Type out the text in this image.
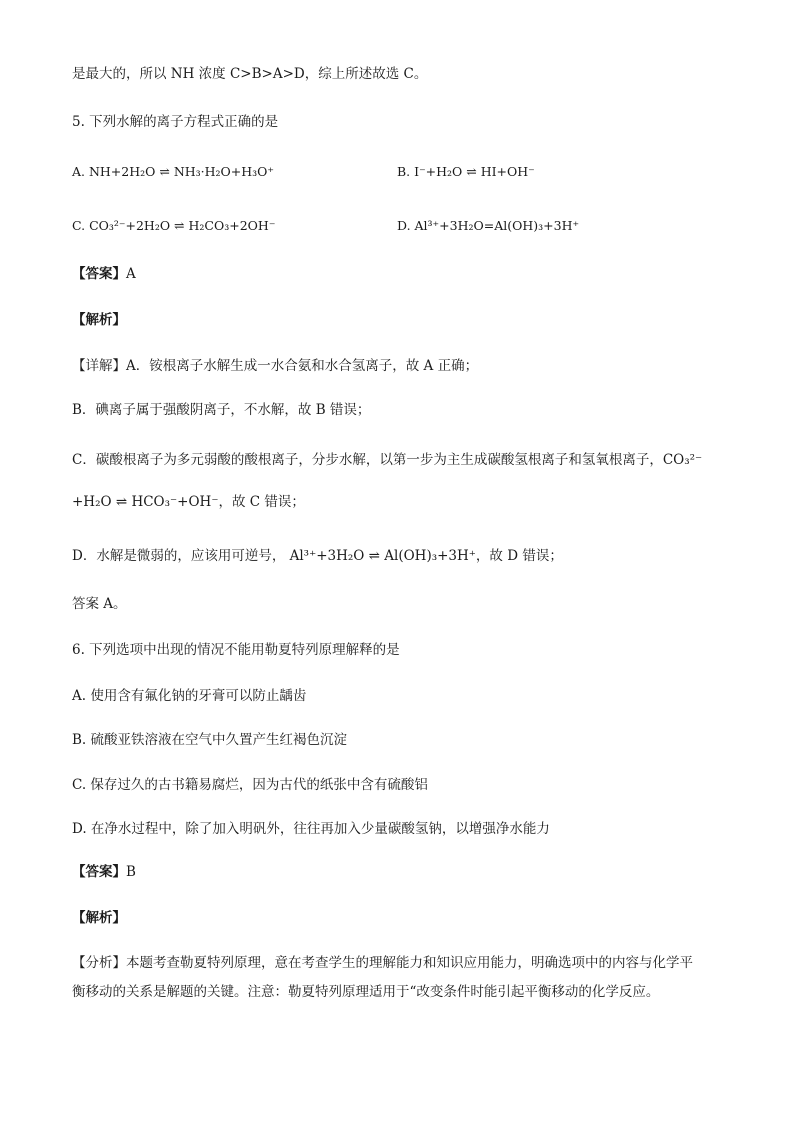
是最大的，所以 NH 浓度 C>B>A>D，综上所述故选 C。
5. 下列水解的离子方程式正确的是
A. NH+2H₂O ⇌ NH₃·H₂O+H₃O⁺	B. I⁻+H₂O ⇌ HI+OH⁻
C. CO₃²⁻+2H₂O ⇌ H₂CO₃+2OH⁻	D. Al³⁺+3H₂O=Al(OH)₃+3H⁺
【答案】A
【解析】
【详解】A．铵根离子水解生成一水合氨和水合氢离子，故 A 正确；
B．碘离子属于强酸阴离子，不水解，故 B 错误；
C．碳酸根离子为多元弱酸的酸根离子，分步水解，以第一步为主生成碳酸氢根离子和氢氧根离子，CO₃²⁻
+H₂O ⇌ HCO₃⁻+OH⁻，故 C 错误；
D．水解是微弱的，应该用可逆号， Al³⁺+3H₂O ⇌ Al(OH)₃+3H⁺，故 D 错误；
答案 A。
6. 下列选项中出现的情况不能用勒夏特列原理解释的是
A. 使用含有氟化钠的牙膏可以防止龋齿
B. 硫酸亚铁溶液在空气中久置产生红褐色沉淀
C. 保存过久的古书籍易腐烂，因为古代的纸张中含有硫酸铝
D. 在净水过程中，除了加入明矾外，往往再加入少量碳酸氢钠，以增强净水能力
【答案】B
【解析】
【分析】本题考查勒夏特列原理，意在考查学生的理解能力和知识应用能力，明确选项中的内容与化学平
衡移动的关系是解题的关键。注意：勒夏特列原理适用于“改变条件时能引起平衡移动的化学反应。
